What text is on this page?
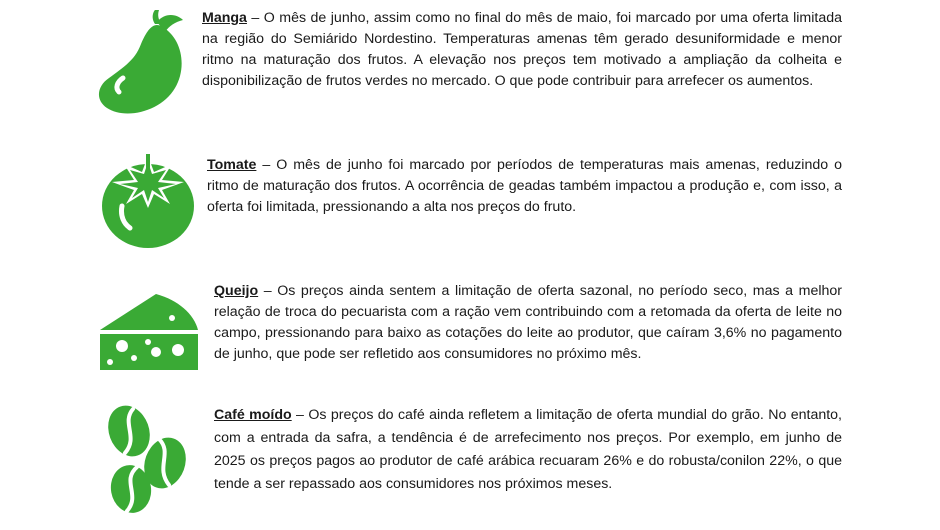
Manga – O mês de junho, assim como no final do mês de maio, foi marcado por uma oferta limitada na região do Semiárido Nordestino. Temperaturas amenas têm gerado desuniformidade e menor ritmo na maturação dos frutos. A elevação nos preços tem motivado a ampliação da colheita e disponibilização de frutos verdes no mercado. O que pode contribuir para arrefecer os aumentos.
Tomate – O mês de junho foi marcado por períodos de temperaturas mais amenas, reduzindo o ritmo de maturação dos frutos. A ocorrência de geadas também impactou a produção e, com isso, a oferta foi limitada, pressionando a alta nos preços do fruto.
Queijo – Os preços ainda sentem a limitação de oferta sazonal, no período seco, mas a melhor relação de troca do pecuarista com a ração vem contribuindo com a retomada da oferta de leite no campo, pressionando para baixo as cotações do leite ao produtor, que caíram 3,6% no pagamento de junho, que pode ser refletido aos consumidores no próximo mês.
Café moído – Os preços do café ainda refletem a limitação de oferta mundial do grão. No entanto, com a entrada da safra, a tendência é de arrefecimento nos preços. Por exemplo, em junho de 2025 os preços pagos ao produtor de café arábica recuaram 26% e do robusta/conilon 22%, o que tende a ser repassado aos consumidores nos próximos meses.
